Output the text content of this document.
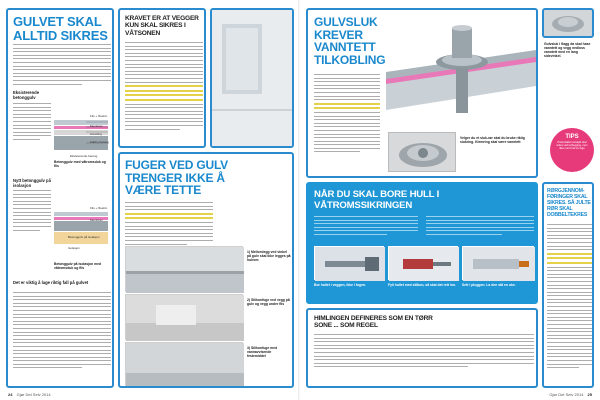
GULVET SKAL
ALLTID SIKRES
Eksisterende betonggulv
Flis + fliselim
Membran
Avretting
Fall/ny betong
Eksisterende betong
Betonggulv med våtromsduk og flis
Nytt betonggulv på isolasjon
Flis + fliselim
Membran
Betonggulv på isolasjon
Isolasjon
Betonggulv på isolasjon med våtromsduk og flis
Det er viktig å lage riktig fall på gulvet
KRAVET ER AT VEGGER KUN SKAL SIKRES I VÅTSONEN
FUGER VED GULV
TRENGER IKKE Å
VÆRE TETTE
1) Mellomlegg ved vinkel på gulv skal ikke legges på hulrom
2) Silikonfuge ved vegg på gulv og vegg under flis
3) Silikonfuge med vannavvisende festemiddel
24 Gjør Det Selv 2014
GULVSLUK
KREVER
VANNTETT
TILKOBLING
Velger du et sluk-rør skal du bruke riktig slukring. Klemring skal være vanntett
Gulvsluk i flagg da skal hase vanntett og vegg nedloss vanntett med en lang sidevinkel.
TIPS
Prisinstallert rørskjøt skal tettes ved tørrlegging, men ikke med bruk av fuge
NÅR DU SKAL BORE HULL I
VÅTROMSSIKRINGEN
Bor hullet i veggen, ikke i fugen.	Fyll hullet med silikon, så skal det rett inn.	Sett i pluggen. La den stå en uke.
HIMLINGEN DEFINERES SOM EN TØRR
SONE ... SOM REGEL
RØRGJENNOM-
FØRINGER SKAL
SIKRES. SÅ JULTE
RØR SKAL
DOBBELTEKRES
Gjør Det Selv 2014 25
